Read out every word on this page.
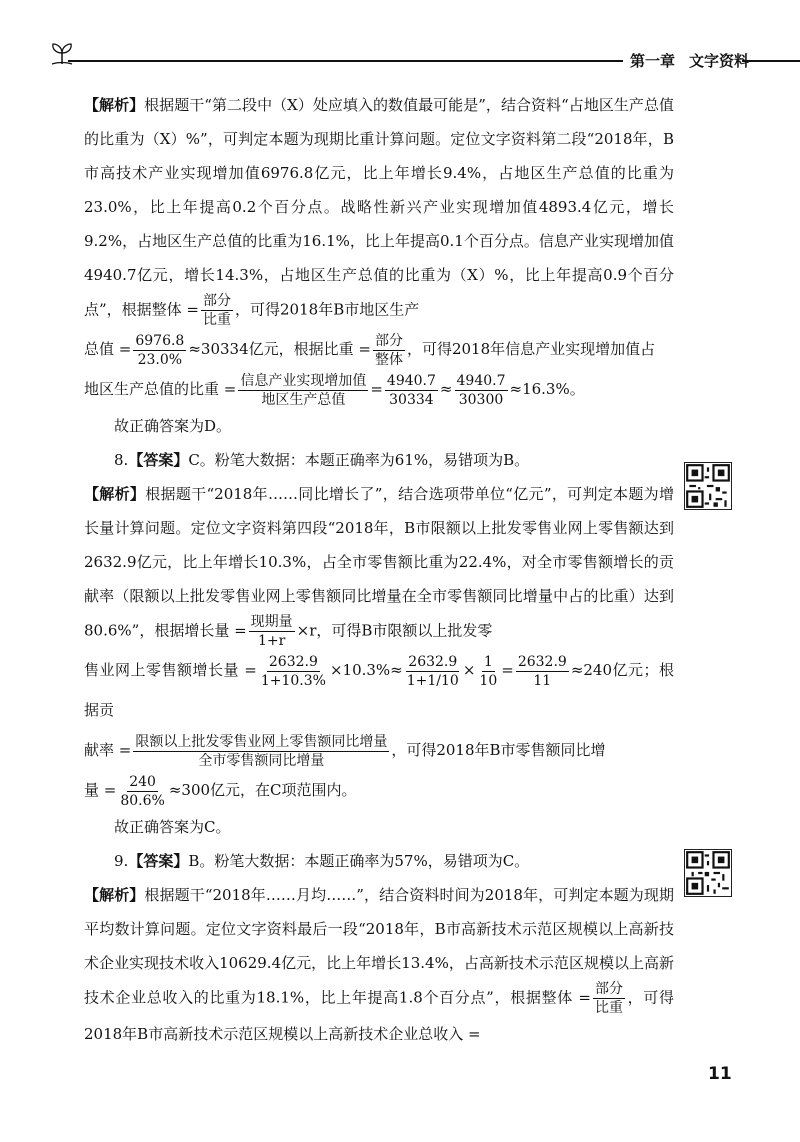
第一章 文字资料

【解析】根据题干“第二段中（X）处应填入的数值最可能是”，结合资料“占地区生产总值的比重为（X）%”，可判定本题为现期比重计算问题。定位文字资料第二段“2018年，B市高技术产业实现增加值6976.8亿元，比上年增长9.4%，占地区生产总值的比重为23.0%，比上年提高0.2个百分点。战略性新兴产业实现增加值4893.4亿元，增长9.2%，占地区生产总值的比重为16.1%，比上年提高0.1个百分点。信息产业实现增加值4940.7亿元，增长14.3%，占地区生产总值的比重为（X）%，比上年提高0.9个百分点”，根据整体 = $\frac{\text{部分}}{\text{比重}}$ ，可得2018年B市地区生产

总值 = $\frac{6976.8}{23.0\%} \approx 30334$亿元，根据比重 = $\frac{\text{部分}}{\text{整体}}$ ，可得2018年信息产业实现增加值占

地区生产总值的比重 = $\frac{\text{信息产业实现增加值}}{\text{地区生产总值}} = \frac{4940.7}{30334} \approx \frac{4940.7}{30300} \approx 16.3\%$。

故正确答案为D。

8.【答案】C。粉笔大数据：本题正确率为61%，易错项为B。

【解析】根据题干“2018年……同比增长了”，结合选项带单位“亿元”，可判定本题为增长量计算问题。定位文字资料第四段“2018年，B市限额以上批发零售业网上零售额达到2632.9亿元，比上年增长10.3%，占全市零售额比重为22.4%，对全市零售额增长的贡献率（限额以上批发零售业网上零售额同比增量在全市零售额同比增量中占的比重）达到80.6%”，根据增长量 = $\frac{\text{现期量}}{1+r} \times r$，可得B市限额以上批发零

售业网上零售额增长量 = $\frac{2632.9}{1+10.3\%} \times 10.3\%\approx \frac{2632.9}{1+1/10} \times \frac{1}{10} = \frac{2632.9}{11} \approx 240$亿元；根据贡

献率 = $\frac{\text{限额以上批发零售业网上零售额同比增量}}{\text{全市零售额同比增量}}$ ，可得2018年B市零售额同比增

量 = $\frac{240}{80.6\%} \approx 300$亿元，在C项范围内。

故正确答案为C。

9.【答案】B。粉笔大数据：本题正确率为57%，易错项为C。

【解析】根据题干“2018年……月均……”，结合资料时间为2018年，可判定本题为现期平均数计算问题。定位文字资料最后一段“2018年，B市高新技术示范区规模以上高新技术企业实现技术收入10629.4亿元，比上年增长13.4%，占高新技术示范区规模以上高新技术企业总收入的比重为18.1%，比上年提高1.8个百分点”，根据整体 = $\frac{\text{部分}}{\text{比重}}$ ，可得2018年B市高新技术示范区规模以上高新技术企业总收入 =

11
